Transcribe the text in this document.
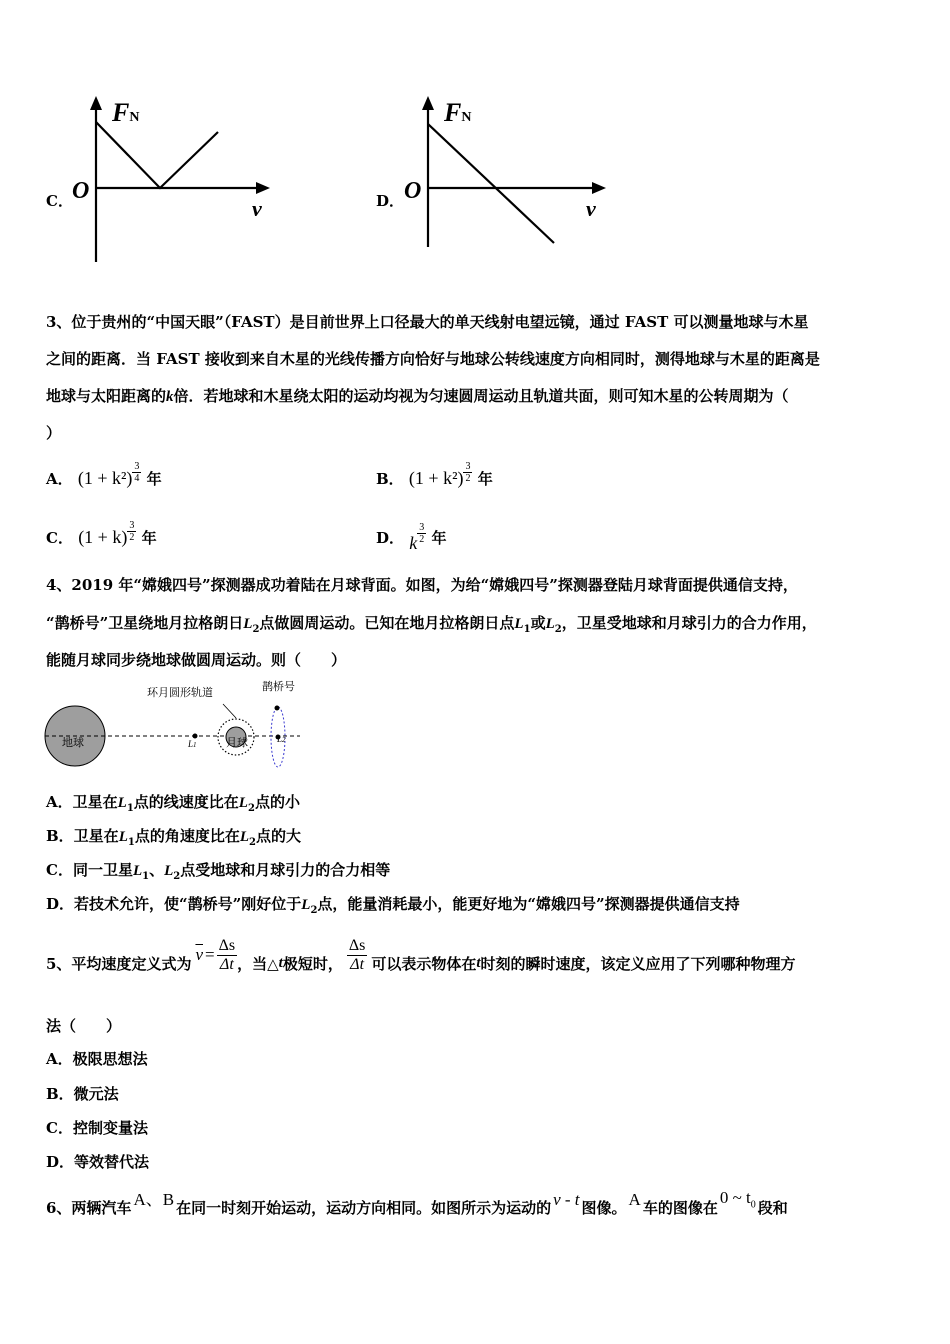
C．
FN
O
v	D．
FN
O
v
3、位于贵州的“中国天眼”（FAST）是目前世界上口径最大的单天线射电望远镜，通过 FAST 可以测量地球与木星
之间的距离．当 FAST 接收到来自木星的光线传播方向恰好与地球公转线速度方向相同时，测得地球与木星的距离是
地球与太阳距离的k倍．若地球和木星绕太阳的运动均视为匀速圆周运动且轨道共面，则可知木星的公转周期为（
）
A． $(1 + k^2) \frac{3}{4}$ 年	B． $(1 + k^2) \frac{3}{2}$ 年
C． $(1 + k) \frac{3}{2}$ 年	D． k $\frac{3}{2}$ 年
4、2019 年“嫦娥四号”探测器成功着陆在月球背面。如图，为给“嫦娥四号”探测器登陆月球背面提供通信支持，
“鹊桥号”卫星绕地月拉格朗日$L_2$点做圆周运动。已知在地月拉格朗日点$L_1$或$L_2$，卫星受地球和月球引力的合力作用，
能随月球同步绕地球做圆周运动。则（　　）
地球	月球
环月圆形轨道	鹊桥号
L1
L2
A．卫星在$L_1$点的线速度比在$L_2$点的小
B．卫星在$L_1$点的角速度比在$L_2$点的大
C．同一卫星$L_1$、$L_2$点受地球和月球引力的合力相等
D．若技术允许，使“鹊桥号”刚好位于$L_2$点，能量消耗最小，能更好地为“嫦娥四号”探测器提供通信支持
5、平均速度定义式为 $\overline{v} = \frac{\Delta s}{\Delta t}$ ，当△ t 极短时， $\frac{\Delta s}{\Delta t}$ 可以表示物体在 t 时刻的瞬时速度，该定义应用了下列哪种物理方
法（　　）
A．极限思想法
B．微元法
C．控制变量法
D．等效替代法
6、两辆汽车 A、B 在同一时刻开始运动，运动方向相同。如图所示为运动的 v - t 图像。 A 车的图像在
0 ~ $t_0$ 段和
